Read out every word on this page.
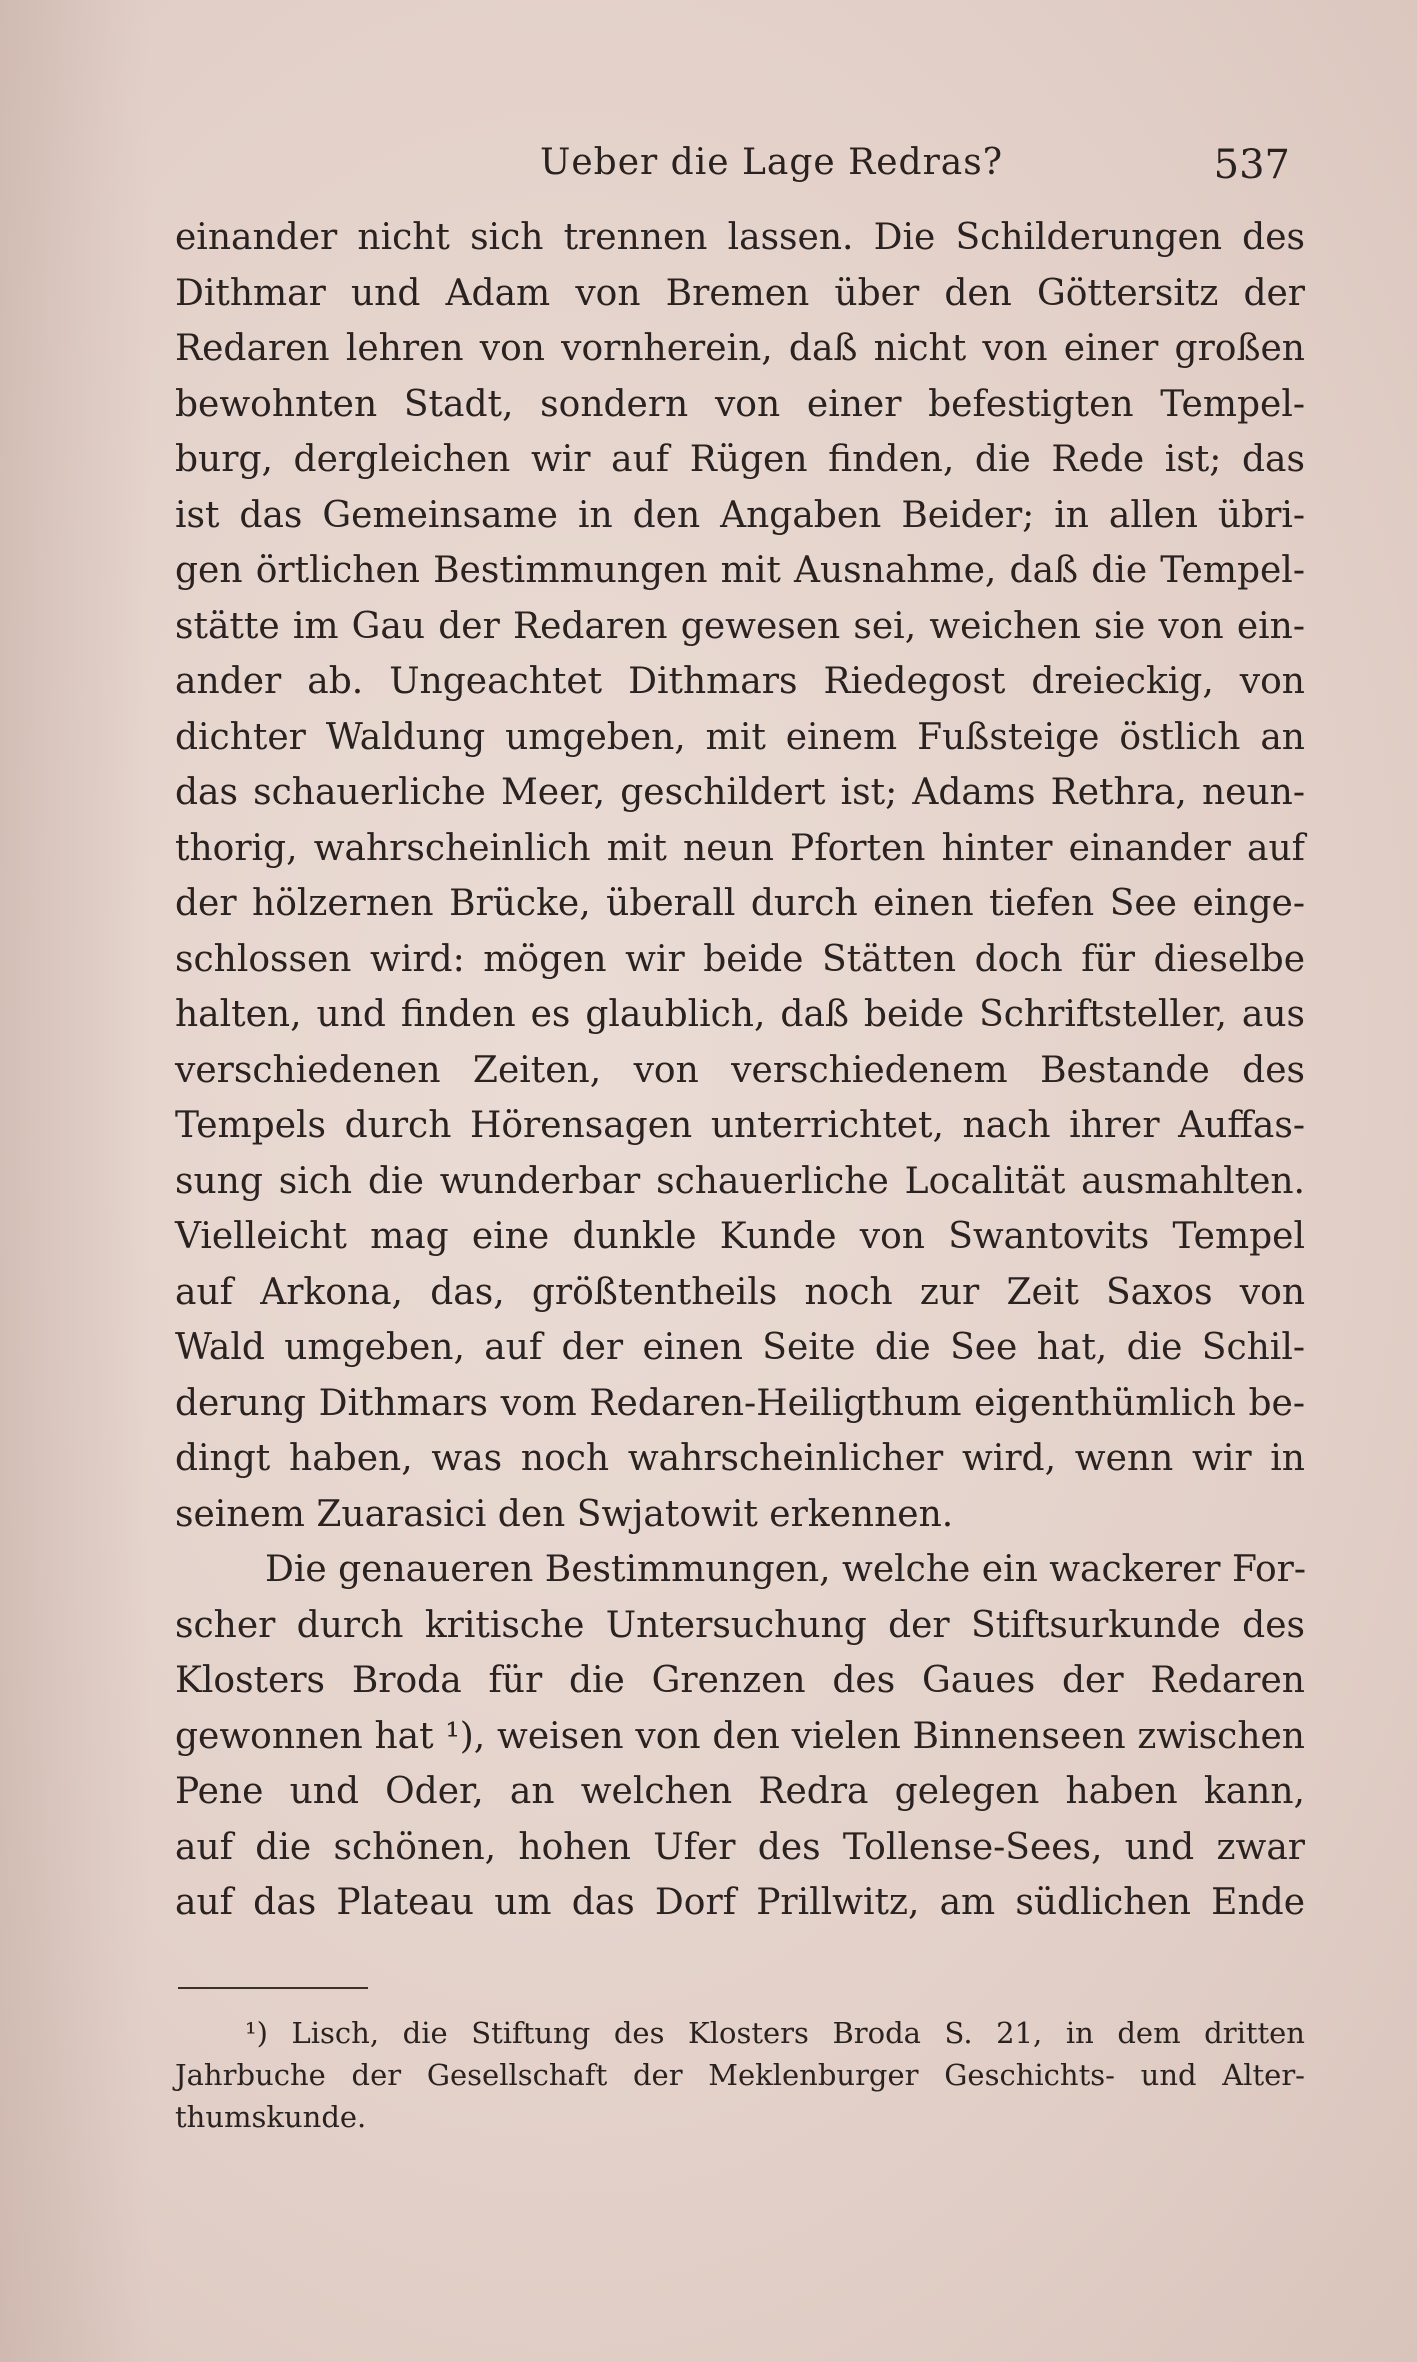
Ueber die Lage Redras?	537
einander nicht sich trennen lassen. Die Schilderungen des
Dithmar und Adam von Bremen über den Göttersitz der
Redaren lehren von vornherein, daß nicht von einer großen
bewohnten Stadt, sondern von einer befestigten Tempel-
burg, dergleichen wir auf Rügen finden, die Rede ist; das
ist das Gemeinsame in den Angaben Beider; in allen übri-
gen örtlichen Bestimmungen mit Ausnahme, daß die Tempel-
stätte im Gau der Redaren gewesen sei, weichen sie von ein-
ander ab. Ungeachtet Dithmars Riedegost dreieckig, von
dichter Waldung umgeben, mit einem Fußsteige östlich an
das schauerliche Meer, geschildert ist; Adams Rethra, neun-
thorig, wahrscheinlich mit neun Pforten hinter einander auf
der hölzernen Brücke, überall durch einen tiefen See einge-
schlossen wird: mögen wir beide Stätten doch für dieselbe
halten, und finden es glaublich, daß beide Schriftsteller, aus
verschiedenen Zeiten, von verschiedenem Bestande des
Tempels durch Hörensagen unterrichtet, nach ihrer Auffas-
sung sich die wunderbar schauerliche Localität ausmahlten.
Vielleicht mag eine dunkle Kunde von Swantovits Tempel
auf Arkona, das, größtentheils noch zur Zeit Saxos von
Wald umgeben, auf der einen Seite die See hat, die Schil-
derung Dithmars vom Redaren-Heiligthum eigenthümlich be-
dingt haben, was noch wahrscheinlicher wird, wenn wir in
seinem Zuarasici den Swjatowit erkennen.
Die genaueren Bestimmungen, welche ein wackerer For-
scher durch kritische Untersuchung der Stiftsurkunde des
Klosters Broda für die Grenzen des Gaues der Redaren
gewonnen hat ¹), weisen von den vielen Binnenseen zwischen
Pene und Oder, an welchen Redra gelegen haben kann,
auf die schönen, hohen Ufer des Tollense-Sees, und zwar
auf das Plateau um das Dorf Prillwitz, am südlichen Ende
¹) Lisch, die Stiftung des Klosters Broda S. 21, in dem dritten
Jahrbuche der Gesellschaft der Meklenburger Geschichts- und Alter-
thumskunde.
